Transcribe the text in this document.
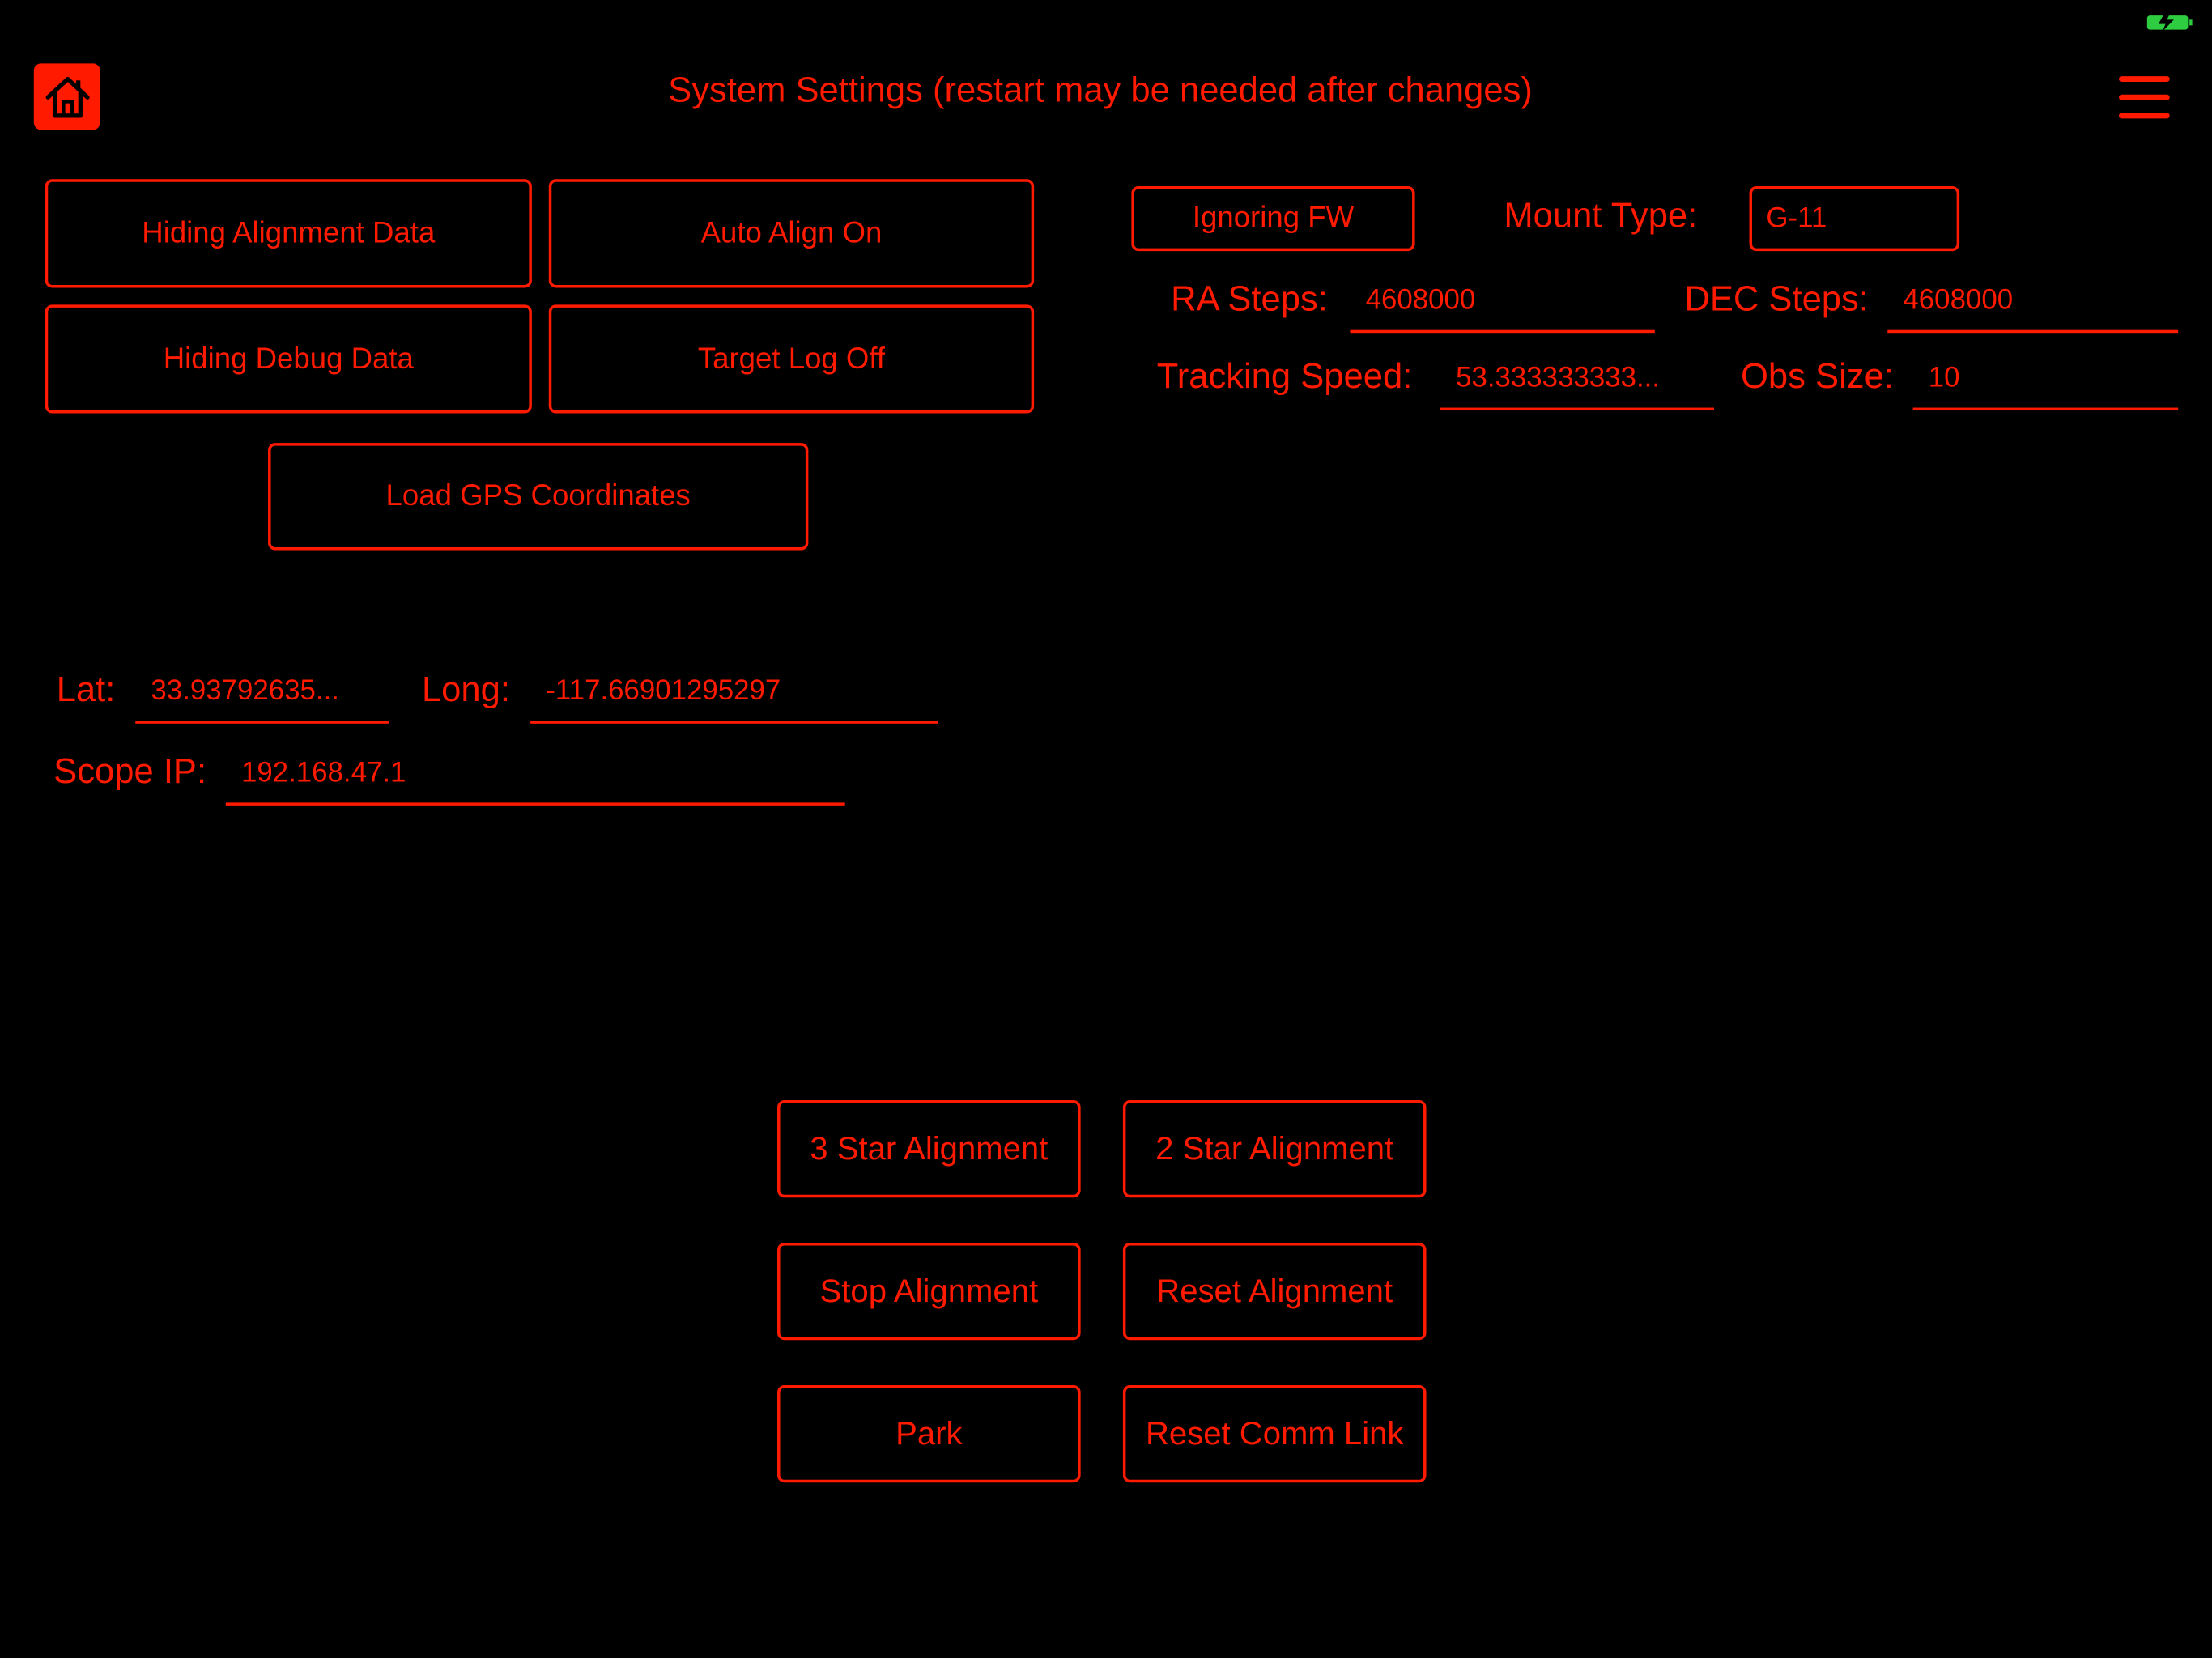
System Settings (restart may be needed after changes)
Hiding Alignment Data	Auto Align On
Hiding Debug Data	Target Log Off
Load GPS Coordinates
Ignoring FW	Mount Type:	G-11
RA Steps:	4608000	DEC Steps:	4608000
Tracking Speed:	53.333333333...	Obs Size:	10
Lat:	33.93792635...	Long:	-117.66901295297
Scope IP:	192.168.47.1
3 Star Alignment	2 Star Alignment
Stop Alignment	Reset Alignment
Park	Reset Comm Link
